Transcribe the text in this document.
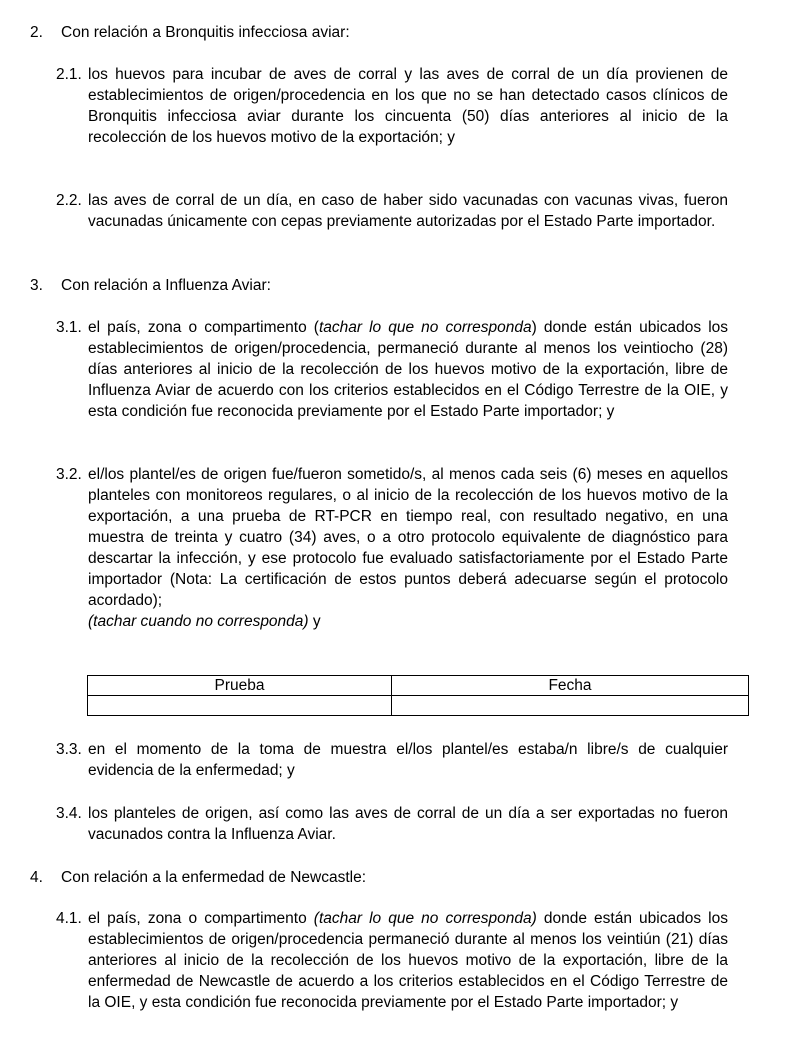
2. Con relación a Bronquitis infecciosa aviar:
2.1. los huevos para incubar de aves de corral y las aves de corral de un día provienen de establecimientos de origen/procedencia en los que no se han detectado casos clínicos de Bronquitis infecciosa aviar durante los cincuenta (50) días anteriores al inicio de la recolección de los huevos motivo de la exportación; y
2.2. las aves de corral de un día, en caso de haber sido vacunadas con vacunas vivas, fueron vacunadas únicamente con cepas previamente autorizadas por el Estado Parte importador.
3. Con relación a Influenza Aviar:
3.1. el país, zona o compartimento (tachar lo que no corresponda) donde están ubicados los establecimientos de origen/procedencia, permaneció durante al menos los veintiocho (28) días anteriores al inicio de la recolección de los huevos motivo de la exportación, libre de Influenza Aviar de acuerdo con los criterios establecidos en el Código Terrestre de la OIE, y esta condición fue reconocida previamente por el Estado Parte importador; y
3.2. el/los plantel/es de origen fue/fueron sometido/s, al menos cada seis (6) meses en aquellos planteles con monitoreos regulares, o al inicio de la recolección de los huevos motivo de la exportación, a una prueba de RT-PCR en tiempo real, con resultado negativo, en una muestra de treinta y cuatro (34) aves, o a otro protocolo equivalente de diagnóstico para descartar la infección, y ese protocolo fue evaluado satisfactoriamente por el Estado Parte importador (Nota: La certificación de estos puntos deberá adecuarse según el protocolo acordado);
(tachar cuando no corresponda) y
Prueba	Fecha

3.3. en el momento de la toma de muestra el/los plantel/es estaba/n libre/s de cualquier evidencia de la enfermedad; y
3.4. los planteles de origen, así como las aves de corral de un día a ser exportadas no fueron vacunados contra la Influenza Aviar.
4. Con relación a la enfermedad de Newcastle:
4.1. el país, zona o compartimento (tachar lo que no corresponda) donde están ubicados los establecimientos de origen/procedencia permaneció durante al menos los veintiún (21) días anteriores al inicio de la recolección de los huevos motivo de la exportación, libre de la enfermedad de Newcastle de acuerdo a los criterios establecidos en el Código Terrestre de la OIE, y esta condición fue reconocida previamente por el Estado Parte importador; y
